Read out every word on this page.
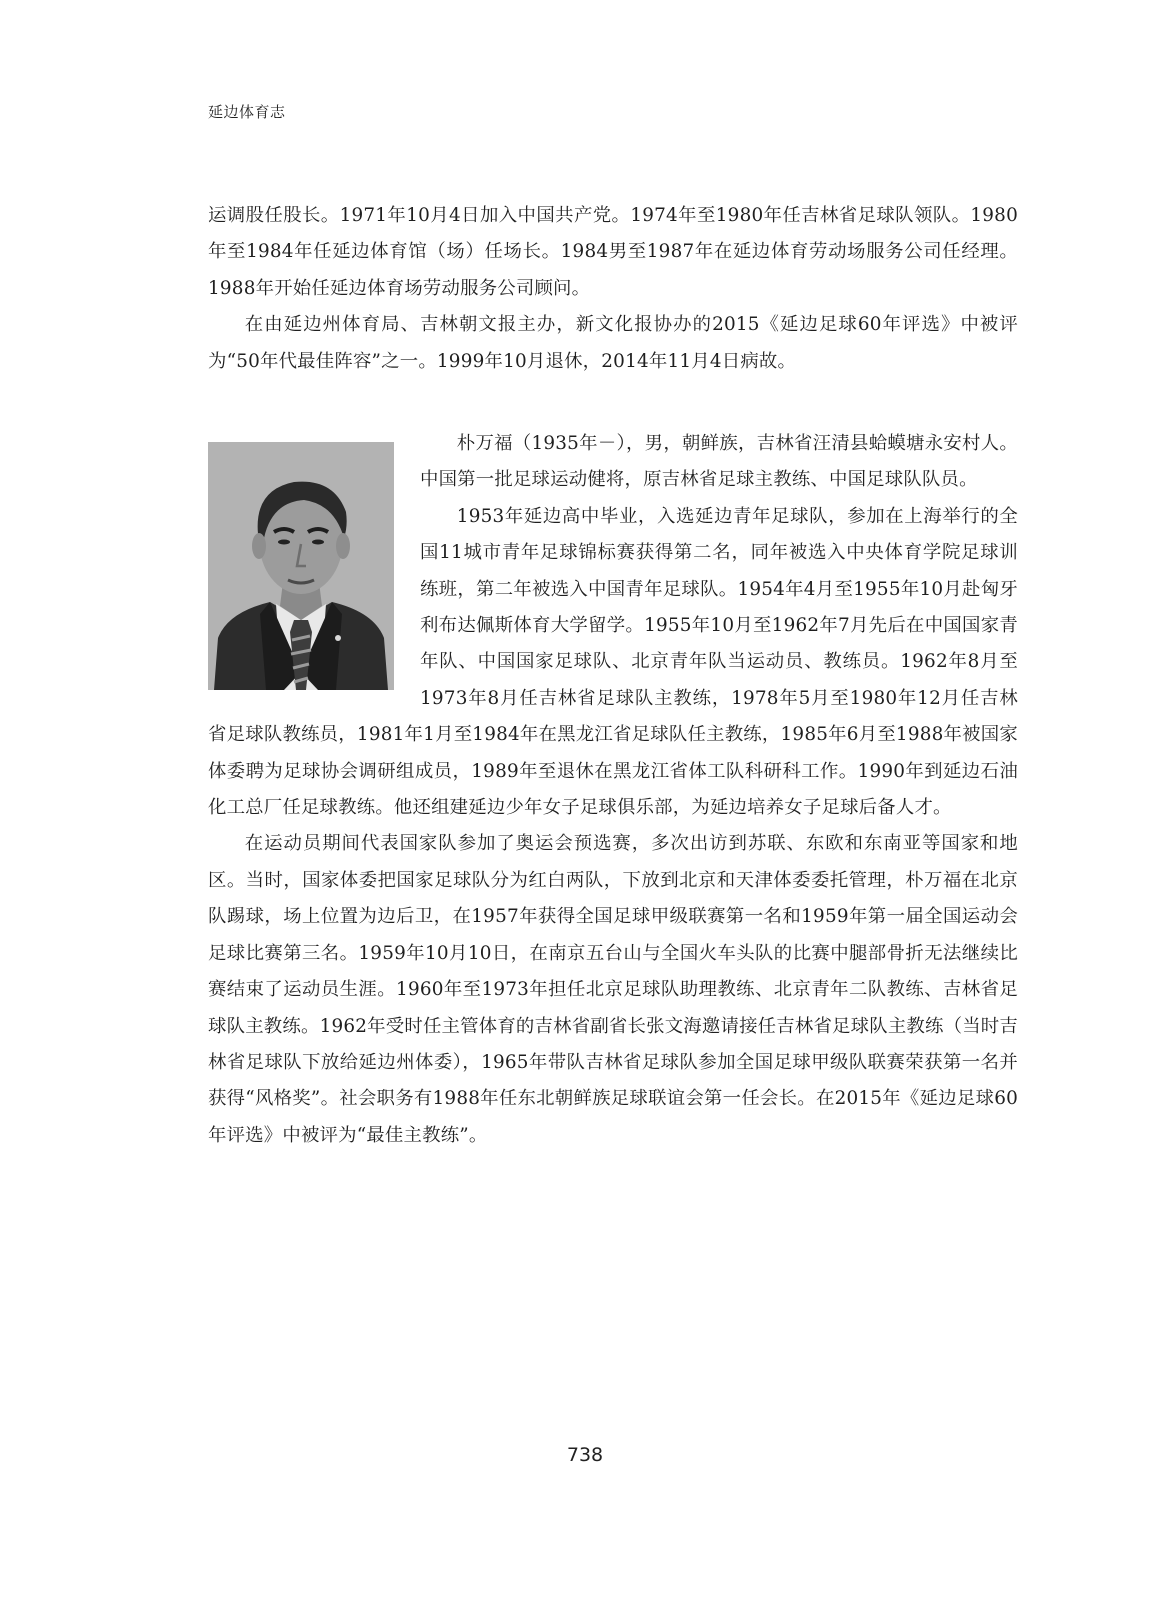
延边体育志

运调股任股长。1971年10月4日加入中国共产党。1974年至1980年任吉林省足球队领队。1980年至1984年任延边体育馆（场）任场长。1984男至1987年在延边体育劳动场服务公司任经理。1988年开始任延边体育场劳动服务公司顾问。

在由延边州体育局、吉林朝文报主办，新文化报协办的2015《延边足球60年评选》中被评为“50年代最佳阵容”之一。1999年10月退休，2014年11月4日病故。

朴万福（1935年－），男，朝鲜族，吉林省汪清县蛤蟆塘永安村人。中国第一批足球运动健将，原吉林省足球主教练、中国足球队队员。

1953年延边高中毕业，入选延边青年足球队，参加在上海举行的全国11城市青年足球锦标赛获得第二名，同年被选入中央体育学院足球训练班，第二年被选入中国青年足球队。1954年4月至1955年10月赴匈牙利布达佩斯体育大学留学。1955年10月至1962年7月先后在中国国家青年队、中国国家足球队、北京青年队当运动员、教练员。1962年8月至1973年8月任吉林省足球队主教练，1978年5月至1980年12月任吉林省足球队教练员，1981年1月至1984年在黑龙江省足球队任主教练，1985年6月至1988年被国家体委聘为足球协会调研组成员，1989年至退休在黑龙江省体工队科研科工作。1990年到延边石油化工总厂任足球教练。他还组建延边少年女子足球俱乐部，为延边培养女子足球后备人才。

在运动员期间代表国家队参加了奥运会预选赛，多次出访到苏联、东欧和东南亚等国家和地区。当时，国家体委把国家足球队分为红白两队，下放到北京和天津体委委托管理，朴万福在北京队踢球，场上位置为边后卫，在1957年获得全国足球甲级联赛第一名和1959年第一届全国运动会足球比赛第三名。1959年10月10日，在南京五台山与全国火车头队的比赛中腿部骨折无法继续比赛结束了运动员生涯。1960年至1973年担任北京足球队助理教练、北京青年二队教练、吉林省足球队主教练。1962年受时任主管体育的吉林省副省长张文海邀请接任吉林省足球队主教练（当时吉林省足球队下放给延边州体委），1965年带队吉林省足球队参加全国足球甲级队联赛荣获第一名并获得“风格奖”。社会职务有1988年任东北朝鲜族足球联谊会第一任会长。在2015年《延边足球60年评选》中被评为“最佳主教练”。

738
